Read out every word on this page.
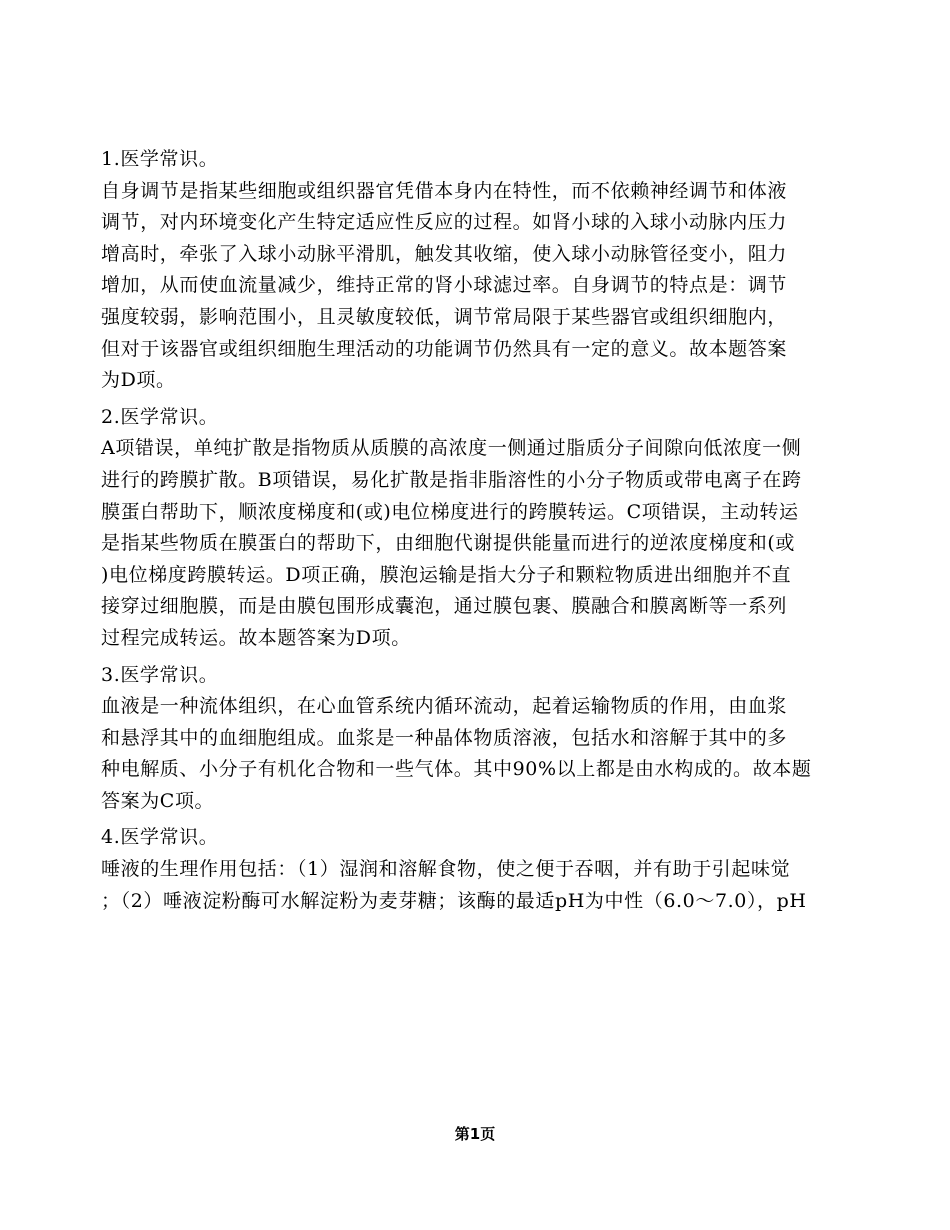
1.医学常识。
自身调节是指某些细胞或组织器官凭借本身内在特性，而不依赖神经调节和体液
调节，对内环境变化产生特定适应性反应的过程。如肾小球的入球小动脉内压力
增高时，牵张了入球小动脉平滑肌，触发其收缩，使入球小动脉管径变小，阻力
增加，从而使血流量减少，维持正常的肾小球滤过率。自身调节的特点是：调节
强度较弱，影响范围小，且灵敏度较低，调节常局限于某些器官或组织细胞内，
但对于该器官或组织细胞生理活动的功能调节仍然具有一定的意义。故本题答案
为D项。
2.医学常识。
A项错误，单纯扩散是指物质从质膜的高浓度一侧通过脂质分子间隙向低浓度一侧
进行的跨膜扩散。B项错误，易化扩散是指非脂溶性的小分子物质或带电离子在跨
膜蛋白帮助下，顺浓度梯度和(或)电位梯度进行的跨膜转运。C项错误，主动转运
是指某些物质在膜蛋白的帮助下，由细胞代谢提供能量而进行的逆浓度梯度和(或
)电位梯度跨膜转运。D项正确，膜泡运输是指大分子和颗粒物质进出细胞并不直
接穿过细胞膜，而是由膜包围形成囊泡，通过膜包裹、膜融合和膜离断等一系列
过程完成转运。故本题答案为D项。
3.医学常识。
血液是一种流体组织，在心血管系统内循环流动，起着运输物质的作用，由血浆
和悬浮其中的血细胞组成。血浆是一种晶体物质溶液，包括水和溶解于其中的多
种电解质、小分子有机化合物和一些气体。其中90%以上都是由水构成的。故本题
答案为C项。
4.医学常识。
唾液的生理作用包括：（1）湿润和溶解食物，使之便于吞咽，并有助于引起味觉
；（2）唾液淀粉酶可水解淀粉为麦芽糖；该酶的最适pH为中性（6.0～7.0），pH
第1页
